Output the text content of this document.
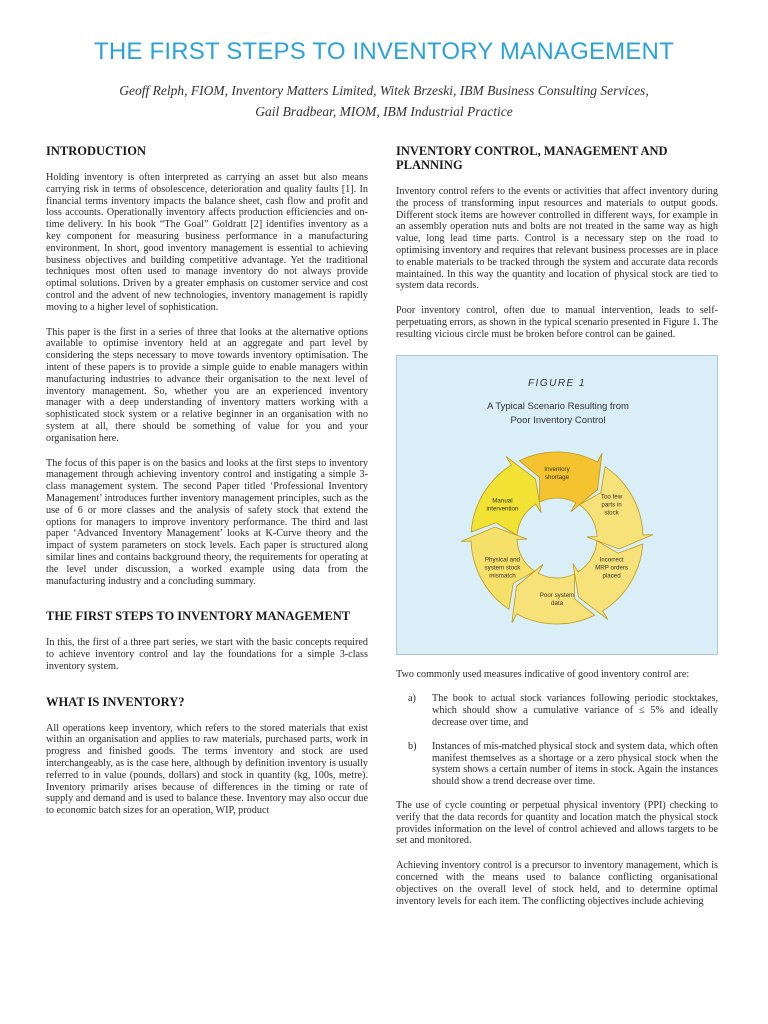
THE FIRST STEPS TO INVENTORY MANAGEMENT
Geoff Relph, FIOM, Inventory Matters Limited, Witek Brzeski, IBM Business Consulting Services,
Gail Bradbear, MIOM, IBM Industrial Practice
INTRODUCTION

Holding inventory is often interpreted as carrying an asset but also means carrying risk in terms of obsolescence, deterioration and quality faults [1]. In financial terms inventory impacts the balance sheet, cash flow and profit and loss accounts. Operationally inventory affects production efficiencies and on-time delivery. In his book “The Goal” Goldratt [2] identifies inventory as a key component for measuring business performance in a manufacturing environment. In short, good inventory management is essential to achieving business objectives and building competitive advantage. Yet the traditional techniques most often used to manage inventory do not always provide optimal solutions. Driven by a greater emphasis on customer service and cost control and the advent of new technologies, inventory management is rapidly moving to a higher level of sophistication.

This paper is the first in a series of three that looks at the alternative options available to optimise inventory held at an aggregate and part level by considering the steps necessary to move towards inventory optimisation. The intent of these papers is to provide a simple guide to enable managers within manufacturing industries to advance their organisation to the next level of inventory management. So, whether you are an experienced inventory manager with a deep understanding of inventory matters working with a sophisticated stock system or a relative beginner in an organisation with no system at all, there should be something of value for you and your organisation here.

The focus of this paper is on the basics and looks at the first steps to inventory management through achieving inventory control and instigating a simple 3-class management system. The second Paper titled ‘Professional Inventory Management’ introduces further inventory management principles, such as the use of 6 or more classes and the analysis of safety stock that extend the options for managers to improve inventory performance. The third and last paper ‘Advanced Inventory Management’ looks at K-Curve theory and the impact of system parameters on stock levels. Each paper is structured along similar lines and contains background theory, the requirements for operating at the level under discussion, a worked example using data from the manufacturing industry and a concluding summary.

THE FIRST STEPS TO INVENTORY MANAGEMENT

In this, the first of a three part series, we start with the basic concepts required to achieve inventory control and lay the foundations for a simple 3-class inventory system.

WHAT IS INVENTORY?

All operations keep inventory, which refers to the stored materials that exist within an organisation and applies to raw materials, purchased parts, work in progress and finished goods. The terms inventory and stock are used interchangeably, as is the case here, although by definition inventory is usually referred to in value (pounds, dollars) and stock in quantity (kg, 100s, metre). Inventory primarily arises because of differences in the timing or rate of supply and demand and is used to balance these. Inventory may also occur due to economic batch sizes for an operation, WIP, product

INVENTORY CONTROL, MANAGEMENT AND PLANNING

Inventory control refers to the events or activities that affect inventory during the process of transforming input resources and materials to output goods. Different stock items are however controlled in different ways, for example in an assembly operation nuts and bolts are not treated in the same way as high value, long lead time parts. Control is a necessary step on the road to optimising inventory and requires that relevant business processes are in place to enable materials to be tracked through the system and accurate data records maintained. In this way the quantity and location of physical stock are tied to system data records.

Poor inventory control, often due to manual intervention, leads to self-perpetuating errors, as shown in the typical scenario presented in Figure 1. The resulting vicious circle must be broken before control can be gained.

FIGURE 1
A Typical Scenario Resulting from
Poor Inventory Control
Inventory shortage
Too few parts in stock
Incorrect MRP orders placed
Poor system data
Physical and system stock mismatch
Manual intervention

Two commonly used measures indicative of good inventory control are:

a)	The book to actual stock variances following periodic stocktakes, which should show a cumulative variance of ≤ 5% and ideally decrease over time, and
b)	Instances of mis-matched physical stock and system data, which often manifest themselves as a shortage or a zero physical stock when the system shows a certain number of items in stock. Again the instances should show a trend decrease over time.

The use of cycle counting or perpetual physical inventory (PPI) checking to verify that the data records for quantity and location match the physical stock provides information on the level of control achieved and allows targets to be set and monitored.

Achieving inventory control is a precursor to inventory management, which is concerned with the means used to balance conflicting organisational objectives on the overall level of stock held, and to determine optimal inventory levels for each item. The conflicting objectives include achieving
